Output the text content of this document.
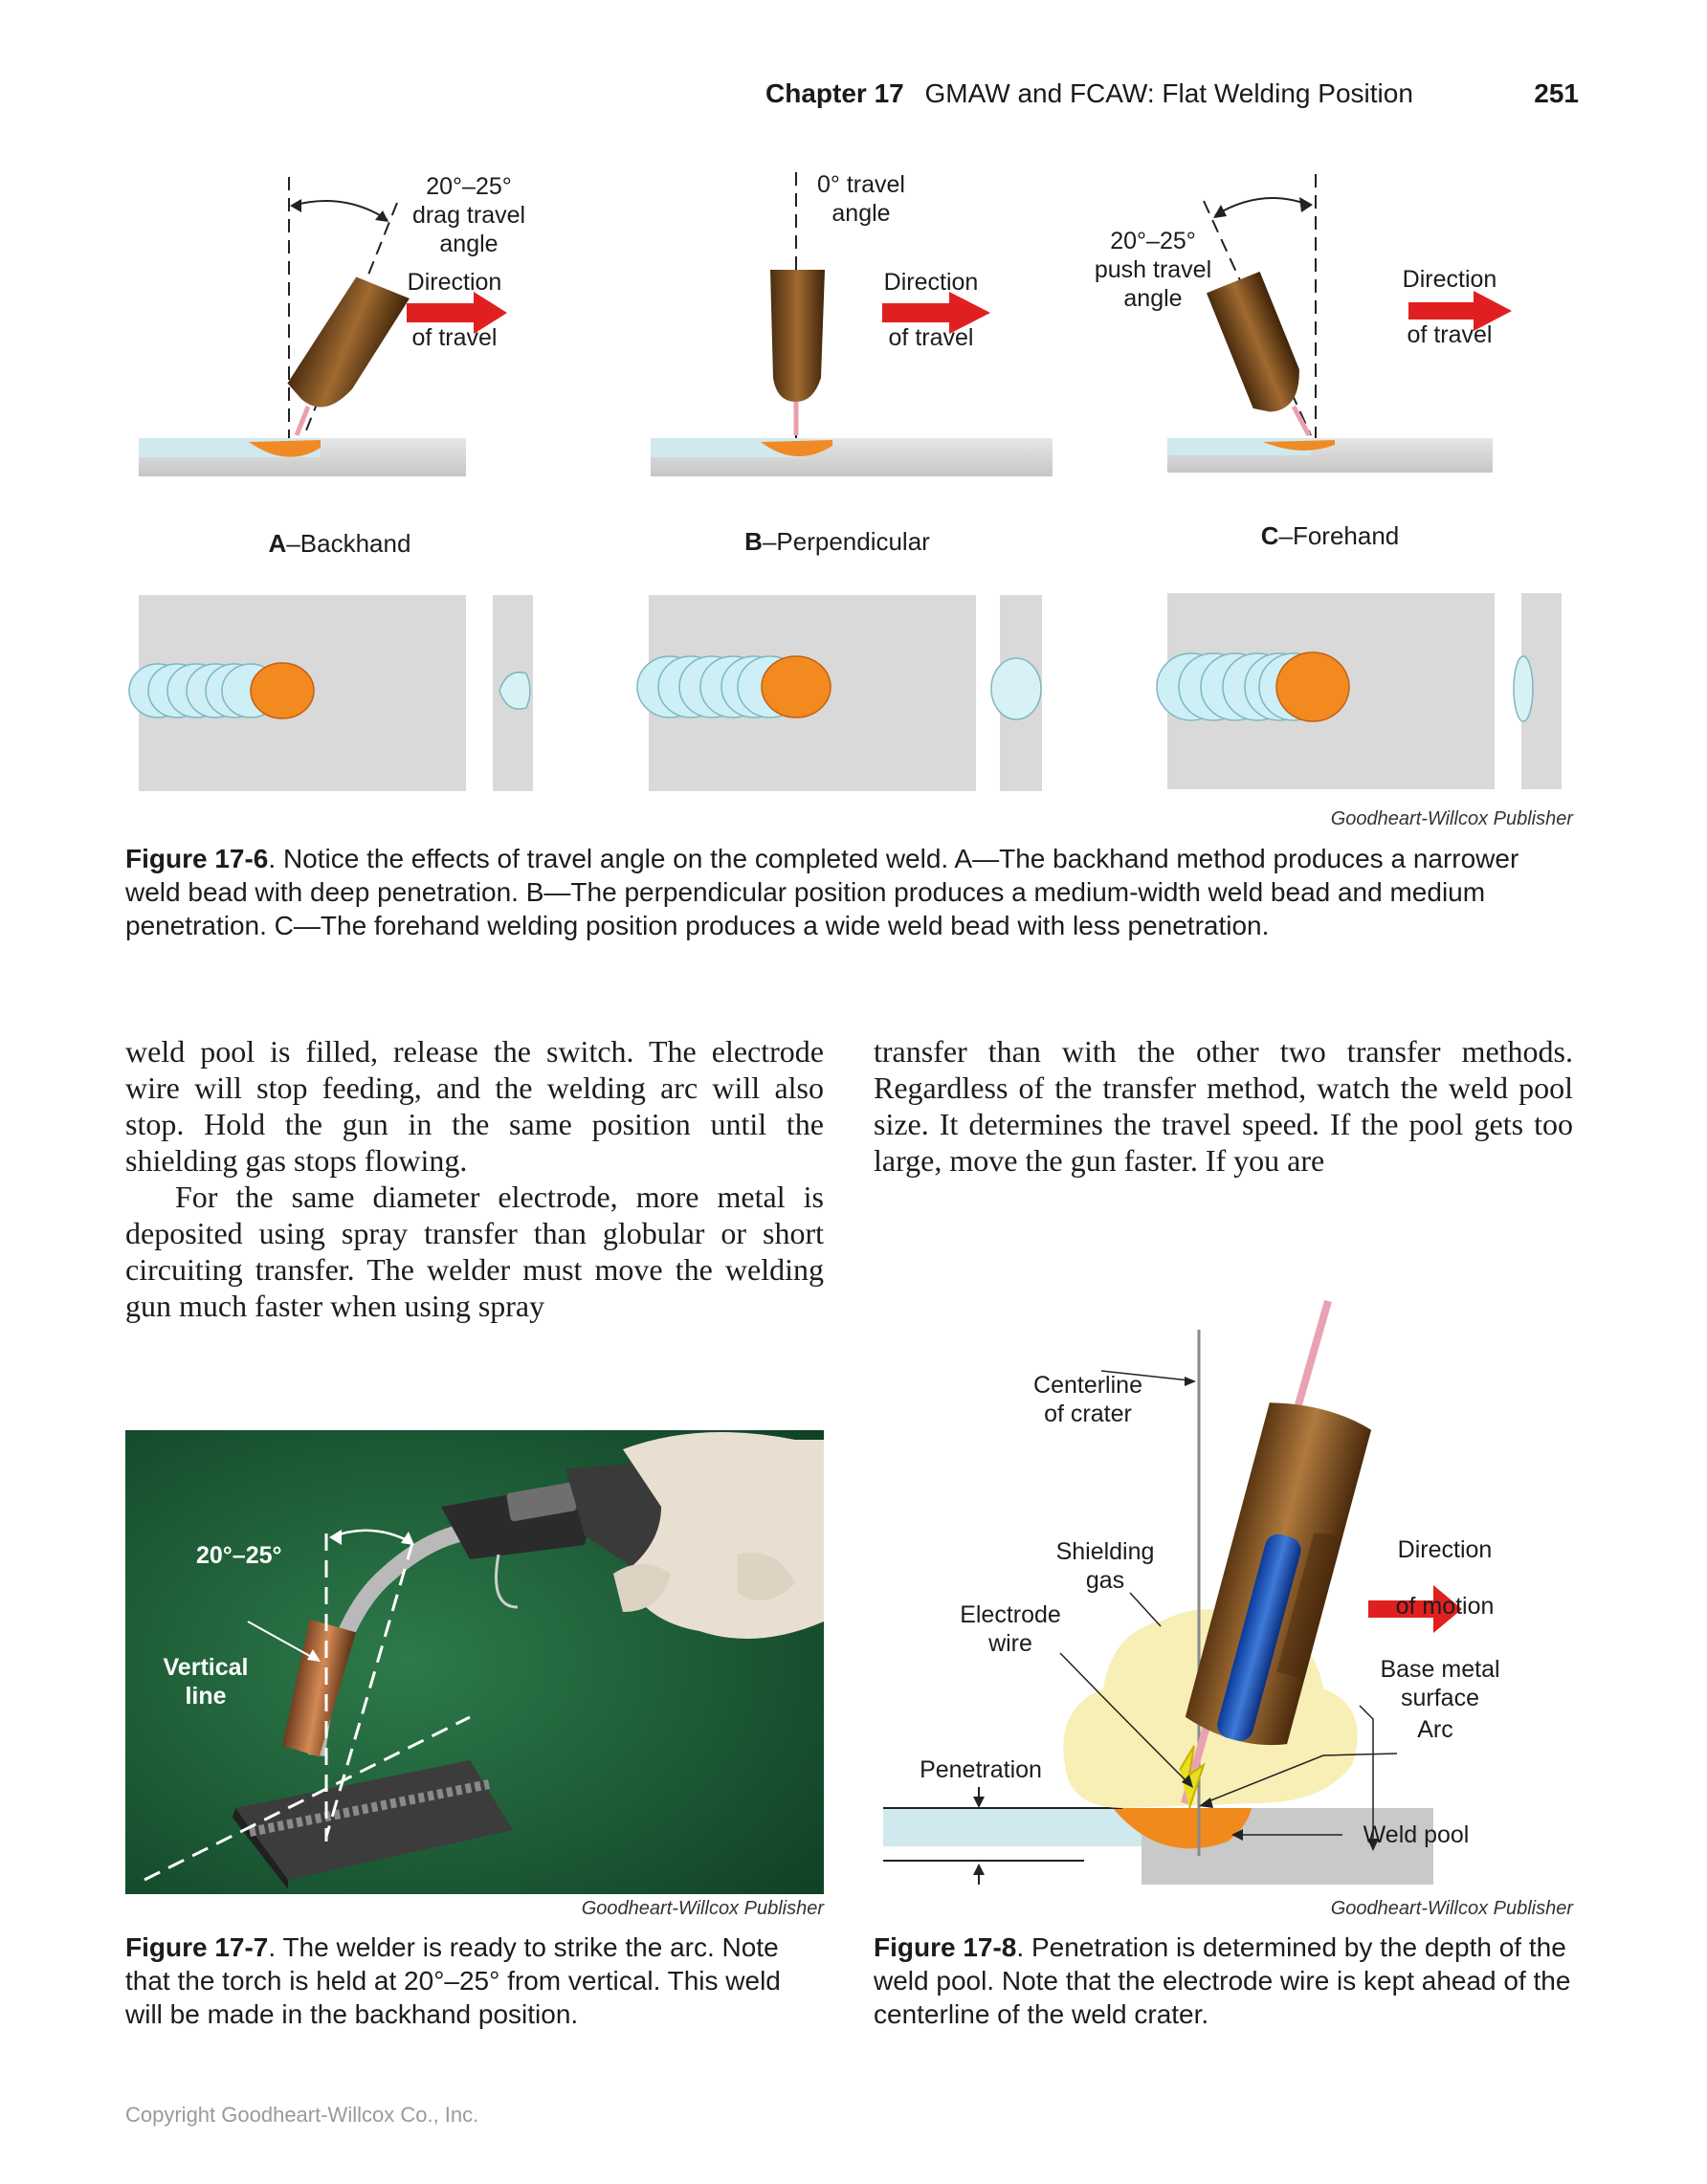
Chapter 17 GMAW and FCAW: Flat Welding Position	251
20°–25°
drag travel
angle
Direction
of travel
0° travel
angle
Direction
of travel
20°–25°
push travel
angle
Direction
of travel
A–Backhand	B–Perpendicular	C–Forehand
Goodheart-Willcox Publisher
Figure 17-6. Notice the effects of travel angle on the completed weld. A—The backhand method produces a narrower weld bead with deep penetration. B—The perpendicular position produces a medium-width weld bead and medium penetration. C—The forehand welding position produces a wide weld bead with less penetration.
weld pool is filled, release the switch. The electrode wire will stop feeding, and the welding arc will also stop. Hold the gun in the same position until the shielding gas stops flowing.
For the same diameter electrode, more metal is deposited using spray transfer than globular or short circuiting transfer. The welder must move the welding gun much faster when using spray
transfer than with the other two transfer methods. Regardless of the transfer method, watch the weld pool size. It determines the travel speed. If the pool gets too large, move the gun faster. If you are
20°–25°
Vertical
line
Goodheart-Willcox Publisher
Figure 17-7. The welder is ready to strike the arc. Note that the torch is held at 20°–25° from vertical. This weld will be made in the backhand position.
Centerline
of crater
Shielding
gas
Electrode
wire
Direction
of motion
Base metal
surface
Arc
Penetration
Weld pool
Goodheart-Willcox Publisher
Figure 17-8. Penetration is determined by the depth of the weld pool. Note that the electrode wire is kept ahead of the centerline of the weld crater.
Copyright Goodheart-Willcox Co., Inc.
